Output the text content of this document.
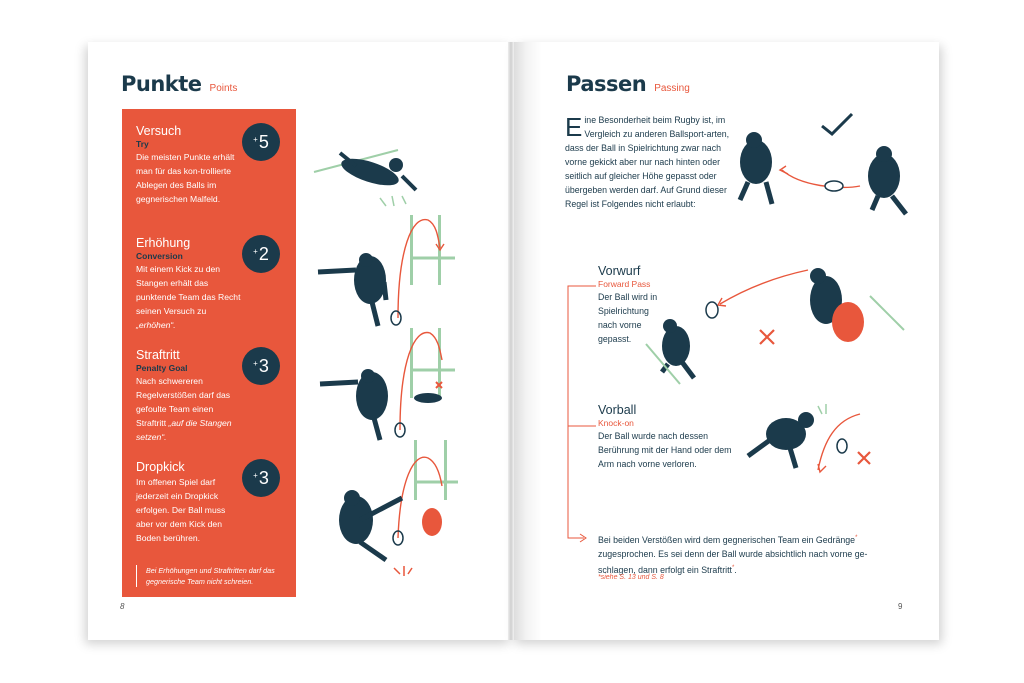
Punkte Points
Versuch
Try
Die meisten Punkte erhält man für das kon-trollierte Ablegen des Balls im gegnerischen Malfeld.
+ 5
Erhöhung
Conversion
Mit einem Kick zu den Stangen erhält das punktende Team das Recht seinen Versuch zu „erhöhen“.
+ 2
Straftritt
Penalty Goal
Nach schwereren Regelverstößen darf das gefoulte Team einen Straftritt „auf die Stangen setzen“.
+ 3
Dropkick
Im offenen Spiel darf jederzeit ein Dropkick erfolgen. Der Ball muss aber vor dem Kick den Boden berühren.
+ 3
Bei Erhöhungen und Straftritten darf das gegnerische Team nicht schreien.
8
Passen Passing
Eine Besonderheit beim Rugby ist, im Vergleich zu anderen Ballsport-arten, dass der Ball in Spielrichtung zwar nach vorne gekickt aber nur nach hinten oder seitlich auf gleicher Höhe gepasst oder übergeben werden darf. Auf Grund dieser Regel ist Folgendes nicht erlaubt:
Vorwurf
Forward Pass
Der Ball wird in Spielrichtung nach vorne gepasst.
Vorball
Knock-on
Der Ball wurde nach dessen Berührung mit der Hand oder dem Arm nach vorne verloren.
Bei beiden Verstößen wird dem gegnerischen Team ein Gedränge* zugesprochen. Es sei denn der Ball wurde absichtlich nach vorne ge-schlagen, dann erfolgt ein Straftritt*.
*siehe S. 13 und S. 8
9
